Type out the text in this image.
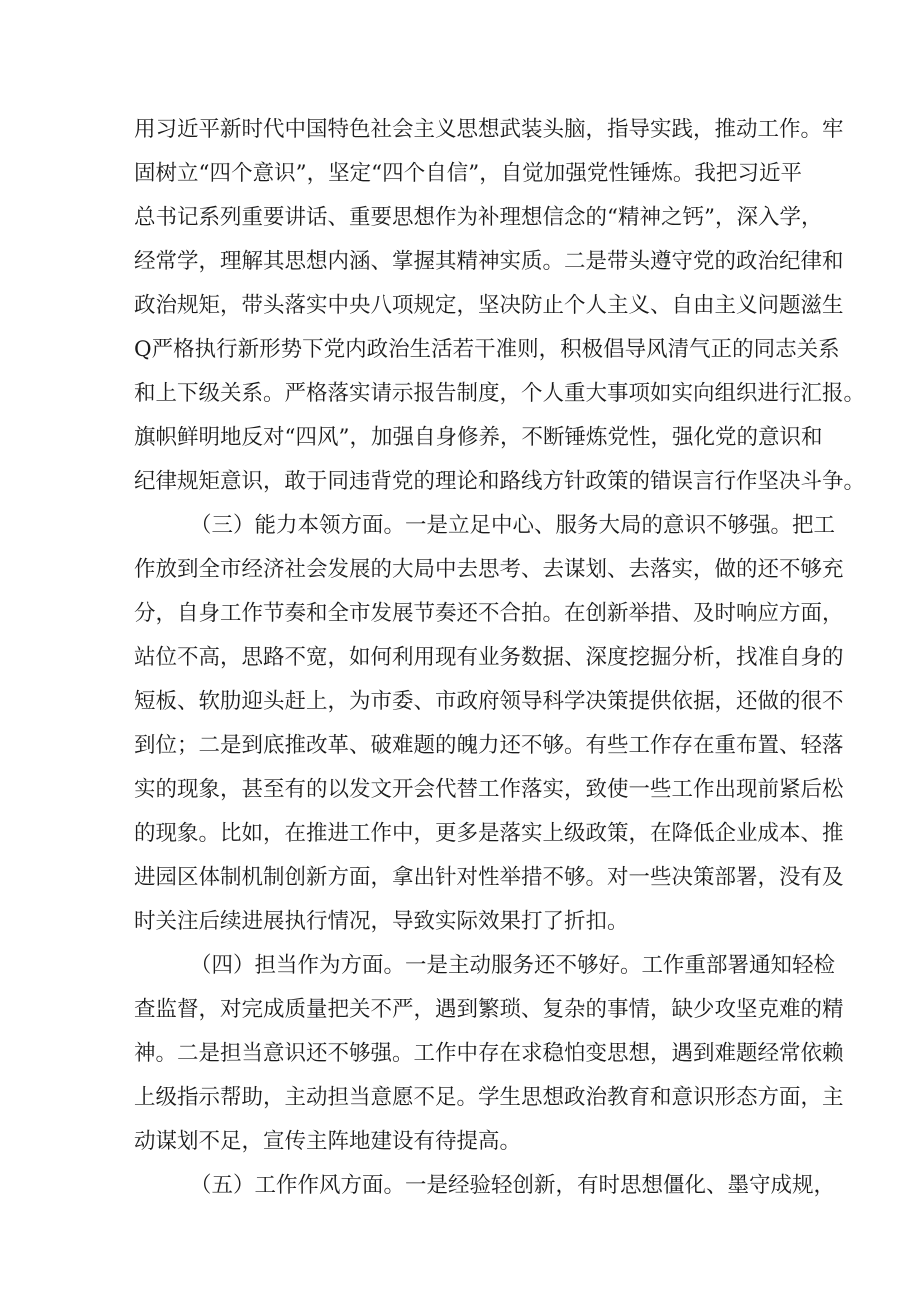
用习近平新时代中国特色社会主义思想武装头脑，指导实践，推动工作。牢
固树立“四个意识”，坚定“四个自信”，自觉加强党性锤炼。我把习近平
总书记系列重要讲话、重要思想作为补理想信念的“精神之钙”，深入学，
经常学，理解其思想内涵、掌握其精神实质。二是带头遵守党的政治纪律和
政治规矩，带头落实中央八项规定，坚决防止个人主义、自由主义问题滋生
Q严格执行新形势下党内政治生活若干准则，积极倡导风清气正的同志关系
和上下级关系。严格落实请示报告制度，个人重大事项如实向组织进行汇报。
旗帜鲜明地反对“四风”，加强自身修养，不断锤炼党性，强化党的意识和
纪律规矩意识，敢于同违背党的理论和路线方针政策的错误言行作坚决斗争。
（三）能力本领方面。一是立足中心、服务大局的意识不够强。把工
作放到全市经济社会发展的大局中去思考、去谋划、去落实，做的还不够充
分，自身工作节奏和全市发展节奏还不合拍。在创新举措、及时响应方面，
站位不高，思路不宽，如何利用现有业务数据、深度挖掘分析，找准自身的
短板、软肋迎头赶上，为市委、市政府领导科学决策提供依据，还做的很不
到位；二是到底推改革、破难题的魄力还不够。有些工作存在重布置、轻落
实的现象，甚至有的以发文开会代替工作落实，致使一些工作出现前紧后松
的现象。比如，在推进工作中，更多是落实上级政策，在降低企业成本、推
进园区体制机制创新方面，拿出针对性举措不够。对一些决策部署，没有及
时关注后续进展执行情况，导致实际效果打了折扣。
（四）担当作为方面。一是主动服务还不够好。工作重部署通知轻检
查监督，对完成质量把关不严，遇到繁琐、复杂的事情，缺少攻坚克难的精
神。二是担当意识还不够强。工作中存在求稳怕变思想，遇到难题经常依赖
上级指示帮助，主动担当意愿不足。学生思想政治教育和意识形态方面，主
动谋划不足，宣传主阵地建设有待提高。
（五）工作作风方面。一是经验轻创新，有时思想僵化、墨守成规，
